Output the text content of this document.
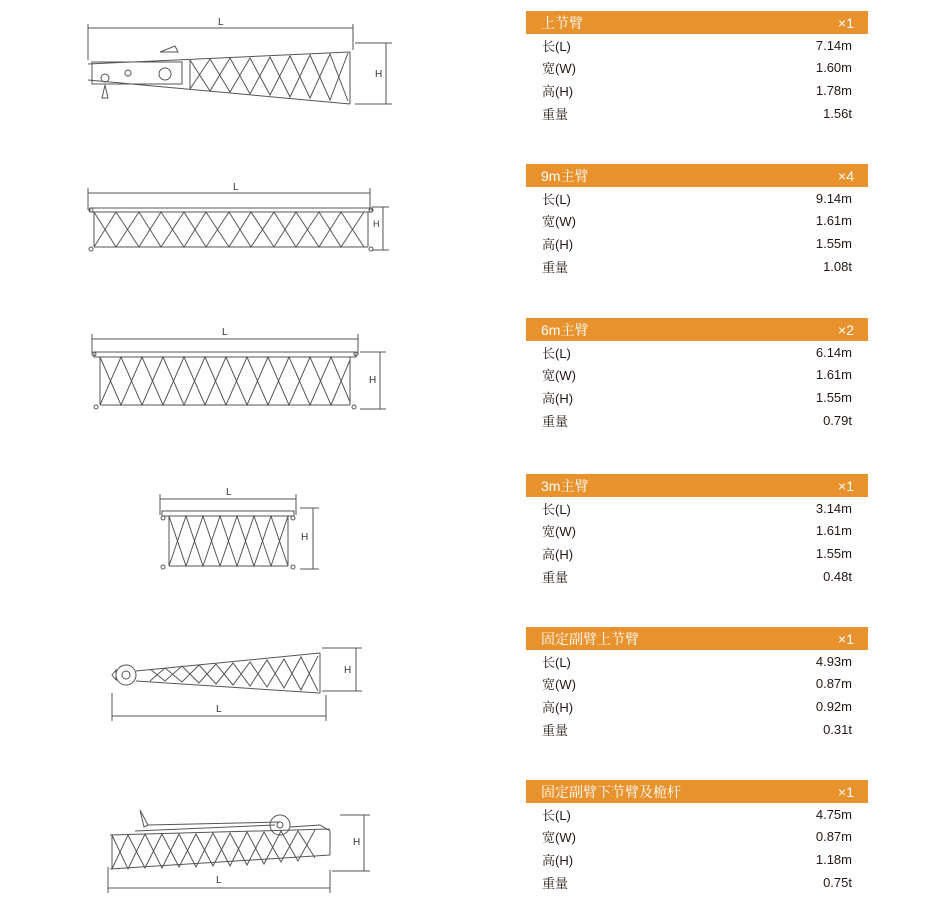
上节臂	×1
长(L)	7.14m
宽(W)	1.60m
高(H)	1.78m
重量	1.56t
9m主臂	×4
长(L)	9.14m
宽(W)	1.61m
高(H)	1.55m
重量	1.08t
6m主臂	×2
长(L)	6.14m
宽(W)	1.61m
高(H)	1.55m
重量	0.79t
3m主臂	×1
长(L)	3.14m
宽(W)	1.61m
高(H)	1.55m
重量	0.48t
固定副臂上节臂	×1
长(L)	4.93m
宽(W)	0.87m
高(H)	0.92m
重量	0.31t
固定副臂下节臂及桅杆	×1
长(L)	4.75m
宽(W)	0.87m
高(H)	1.18m
重量	0.75t
L
H
L
H
L
H
L
H
H
L
H
L
